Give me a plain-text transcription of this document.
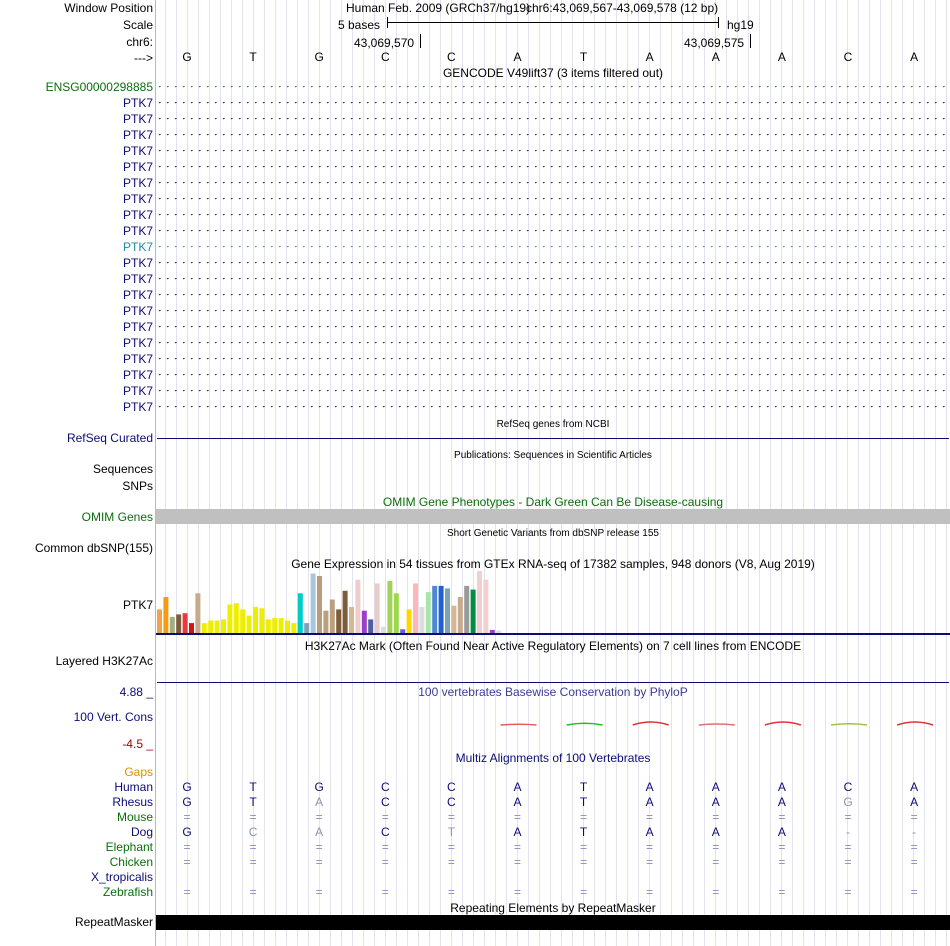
Window Position
Scale
chr6:
--->
Human Feb. 2009 (GRCh37/hg19)
chr6:43,069,567-43,069,578 (12 bp)
5 bases	hg19
43,069,570	43,069,575
G	T	G	C	C	A	T	A	A	A	C	A
GENCODE V49lift37 (3 items filtered out)
ENSG00000298885
PTK7
PTK7
PTK7
PTK7
PTK7
PTK7
PTK7
PTK7
PTK7
PTK7
PTK7
PTK7
PTK7
PTK7
PTK7
PTK7
PTK7
PTK7
PTK7
PTK7
RefSeq genes from NCBI
RefSeq Curated
Publications: Sequences in Scientific Articles
Sequences
SNPs
OMIM Gene Phenotypes - Dark Green Can Be Disease-causing
OMIM Genes
Short Genetic Variants from dbSNP release 155
Common dbSNP(155)
Gene Expression in 54 tissues from GTEx RNA-seq of 17382 samples, 948 donors (V8, Aug 2019)
PTK7
H3K27Ac Mark (Often Found Near Active Regulatory Elements) on 7 cell lines from ENCODE
Layered H3K27Ac
100 vertebrates Basewise Conservation by PhyloP
4.88 _
100 Vert. Cons
-4.5 _
Multiz Alignments of 100 Vertebrates
Gaps
Human G	T	G	C	C	A	T	A	A	A	C	A
Rhesus G	T	A	C	C	A	T	A	A	A	G	A
Mouse	=	=	=	=	=	=	=	=	=	=	=	=
Dog G	C	A	C	T	A	T	A	A	A	-	-
Elephant	=	=	=	=	=	=	=	=	=	=	=	=
Chicken	=	=	=	=	=	=	=	=	=	=	=	=
X_tropicalis
Zebrafish	=	=	=	=	=	=	=	=	=	=	=	=
Repeating Elements by RepeatMasker
RepeatMasker
